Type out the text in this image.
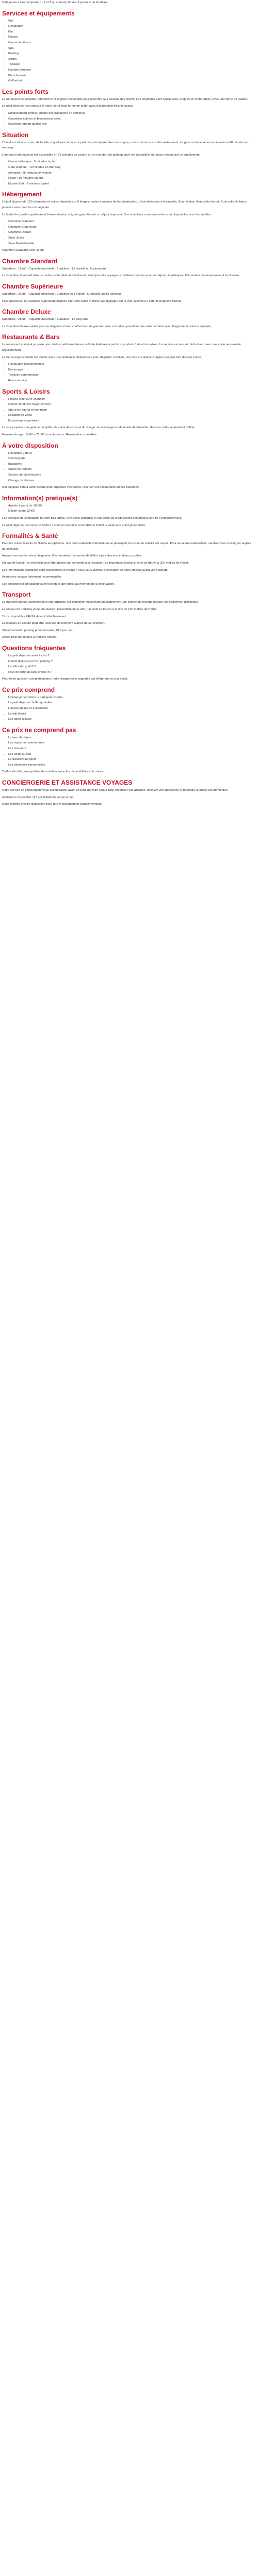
Catégories d'e2e comprend 1, 2 et 3 ou comprend pour 3 produits de boutique.

Services et équipements
• Wifi
• Restaurant
• Bar
• Piscine
• Centre de fitness
• Spa
• Parking
• Jardin
• Terrasse
• Navette aéroport
• Blanchisserie
• Coffre-fort
Les points forts

Le personnel est aimable, attentionné et toujours disponible pour répondre aux besoins des clients. Les chambres sont spacieuses, propres et confortables, avec une literie de qualité.

Le petit déjeuner est copieux et varié, servi sous forme de buffet avec des produits frais et locaux.

• Emplacement central, proche des transports en commun
• Chambres calmes et bien insonorisées
• Excellent rapport qualité-prix
Situation

L'hôtel est situé au cœur de la ville, à quelques minutes à pied des principaux sites touristiques, des commerces et des restaurants. La gare centrale se trouve à environ 10 minutes en tramway.

L'aéroport international est accessible en 25 minutes en voiture ou en navette. Un parking privé est disponible sur place moyennant un supplément.

• Centre historique : 5 minutes à pied
• Gare centrale : 10 minutes en tramway
• Aéroport : 25 minutes en voiture
• Plage : 15 minutes en bus
• Musée d'art : 8 minutes à pied
Hébergement

L'hôtel dispose de 120 chambres et suites réparties sur 6 étages, toutes équipées de la climatisation, d'une télévision à écran plat, d'un minibar, d'un coffre-fort et d'une salle de bains privative avec douche ou baignoire.

La literie de qualité supérieure et l'insonorisation soignée garantissent un séjour reposant. Des chambres communicantes sont disponibles pour les familles.

• Chambre Standard
• Chambre Supérieure
• Chambre Deluxe
• Suite Junior
• Suite Présidentielle

Chambre Standard Twin Room

Chambre Standard

Superficie : 18 m² · Capacité maximale : 2 adultes · Lit double ou lits jumeaux

La Chambre Standard offre un cadre confortable et fonctionnel, idéal pour les voyageurs d'affaires comme pour les séjours touristiques. Décoration contemporaine et lumineuse.

Chambre Supérieure

Superficie : 22 m² · Capacité maximale : 2 adultes et 1 enfant · Lit double ou lits jumeaux

Plus spacieuse, la Chambre Supérieure dispose d'un coin salon et d'une vue dégagée sur la ville. Machine à café et peignoirs fournis.

Chambre Deluxe

Superficie : 28 m² · Capacité maximale : 3 adultes · Lit king size

La Chambre Deluxe séduit par son élégance et son confort haut de gamme, avec un balcon privatif et une salle de bains avec baignoire et douche séparée.

Restaurants & Bars

Le restaurant principal propose une cuisine méditerranéenne raffinée élaborée à partir de produits frais et de saison. Le service est assuré midi et soir, avec une carte renouvelée régulièrement.

Le bar lounge accueille les clients dans une ambiance chaleureuse pour déguster cocktails, vins fins et collations légères jusqu'à tard dans la soirée.

• Restaurant gastronomique
• Bar lounge
• Terrasse panoramique
• Room service
Sports & Loisirs
• Piscine extérieure chauffée
• Centre de fitness ouvert 24h/24
• Spa avec sauna et hammam
• Location de vélos
• Excursions organisées

Le spa propose une gamme complète de soins du corps et du visage, de massages et de rituels de bien-être, dans un cadre apaisant et raffiné.

Horaires du spa : 9h00 – 21h00, tous les jours. Réservation conseillée.

À votre disposition
• Réception 24h/24
• Conciergerie
• Bagagerie
• Salles de réunion
• Service de blanchisserie
• Change de devises

Nos équipes sont à votre écoute pour organiser vos visites, réserver vos restaurants ou vos transferts.

Information(s) pratique(s)
• Arrivée à partir de 15h00
• Départ avant 12h00

Les animaux de compagnie ne sont pas admis. Une pièce d'identité et une carte de crédit seront demandées lors de l'enregistrement.

Le petit déjeuner est servi de 6h30 à 10h30 en semaine et de 7h00 à 11h00 le week-end et les jours fériés.

Formalités & Santé

Pour les ressortissants de l'Union européenne, une carte nationale d'identité ou un passeport en cours de validité est requis. Pour les autres nationalités, veuillez vous renseigner auprès du consulat.

Aucune vaccination n'est obligatoire. Il est toutefois recommandé d'être à jour des vaccinations usuelles.

En cas de besoin, un médecin peut être appelé sur demande à la réception. La pharmacie la plus proche se trouve à 200 mètres de l'hôtel.

Les informations sanitaires sont susceptibles d'évoluer ; nous vous invitons à consulter les sites officiels avant votre départ.

Assurance voyage fortement recommandée.

Les conditions d'annulation varient selon le tarif choisi au moment de la réservation.

Transport

Le transfert depuis l'aéroport peut être organisé sur demande moyennant un supplément. Un service de navette régulier est également disponible.

Le réseau de tramway et de bus dessert l'ensemble de la ville ; un arrêt se trouve à moins de 100 mètres de l'hôtel.

Taxis disponibles 24h/24 devant l'établissement.

La location de voiture peut être réservée directement auprès de la réception.

Stationnement : parking privé sécurisé, 20 € par nuit.

Accès pour personnes à mobilité réduite.

Questions fréquentes
• Le petit déjeuner est-il inclus ?
• L'hôtel dispose-t-il d'un parking ?
• Le wifi est-il gratuit ?
• Peut-on faire un early check-in ?

Pour toute question complémentaire, notre équipe reste joignable par téléphone ou par email.

Ce prix comprend
• L'hébergement dans la catégorie choisie
• Le petit déjeuner buffet quotidien
• L'accès au spa et à la piscine
• Le wifi illimité
• Les taxes locales
Ce prix ne comprend pas
• La taxe de séjour
• Les repas non mentionnés
• Les boissons
• Les soins au spa
• Le transfert aéroport
• Les dépenses personnelles

Tarifs indicatifs, susceptibles de variation selon les disponibilités et la saison.

CONCIERGERIE ET ASSISTANCE VOYAGES

Notre service de conciergerie vous accompagne avant et pendant votre séjour pour organiser vos activités, réserver vos spectacles et répondre à toutes vos demandes.

Assistance disponible 7j/7 par téléphone et par email.

Nous restons à votre disposition pour tout renseignement complémentaire.
